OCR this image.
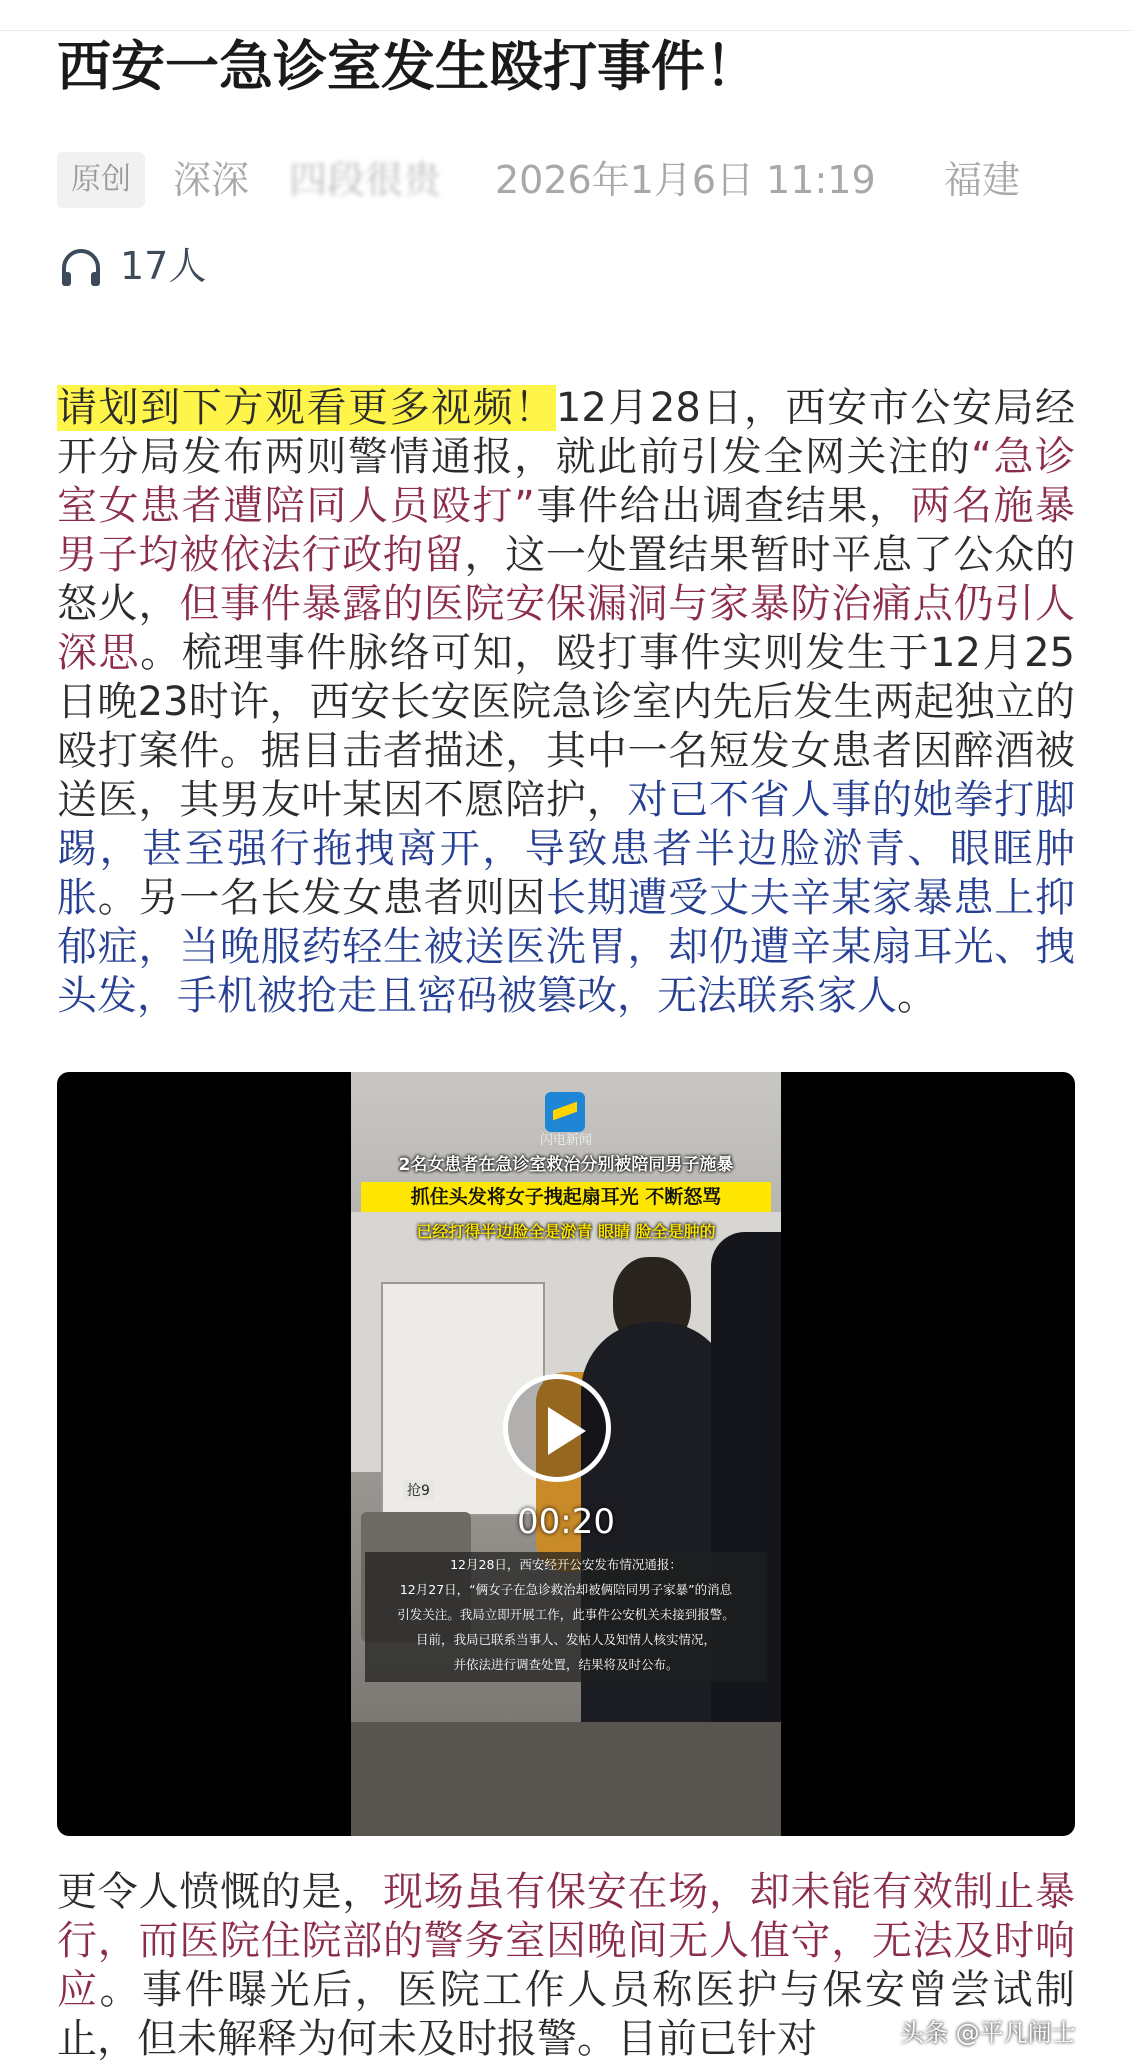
西安一急诊室发生殴打事件！
原创	深深 四段很贵 2026年1月6日 11:19 福建
17人
请划到下方观看更多视频！12月28日，西安市公安局经开分局发布两则警情通报，就此前引发全网关注的“急诊室女患者遭陪同人员殴打”事件给出调查结果，两名施暴男子均被依法行政拘留，这一处置结果暂时平息了公众的怒火，但事件暴露的医院安保漏洞与家暴防治痛点仍引人深思。梳理事件脉络可知，殴打事件实则发生于12月25日晚23时许，西安长安医院急诊室内先后发生两起独立的殴打案件。据目击者描述，其中一名短发女患者因醉酒被送医，其男友叶某因不愿陪护，对已不省人事的她拳打脚踢，甚至强行拖拽离开，导致患者半边脸淤青、眼眶肿胀。另一名长发女患者则因长期遭受丈夫辛某家暴患上抑郁症，当晚服药轻生被送医洗胃，却仍遭辛某扇耳光、拽头发，手机被抢走且密码被篡改，无法联系家人。
抢9
闪电新闻
2名女患者在急诊室救治分别被陪同男子施暴
抓住头发将女子拽起扇耳光 不断怒骂
已经打得半边脸全是淤青 眼睛 脸全是肿的
12月28日，西安经开公安发布情况通报：
12月27日，“俩女子在急诊救治却被俩陪同男子家暴”的消息
引发关注。我局立即开展工作，此事件公安机关未接到报警。
目前，我局已联系当事人、发帖人及知情人核实情况，
并依法进行调查处置，结果将及时公布。
00:20
更令人愤慨的是，现场虽有保安在场，却未能有效制止暴行，而医院住院部的警务室因晚间无人值守，无法及时响应。事件曝光后，医院工作人员称医护与保安曾尝试制止，但未解释为何未及时报警。目前已针对	头条 @平凡闹士
